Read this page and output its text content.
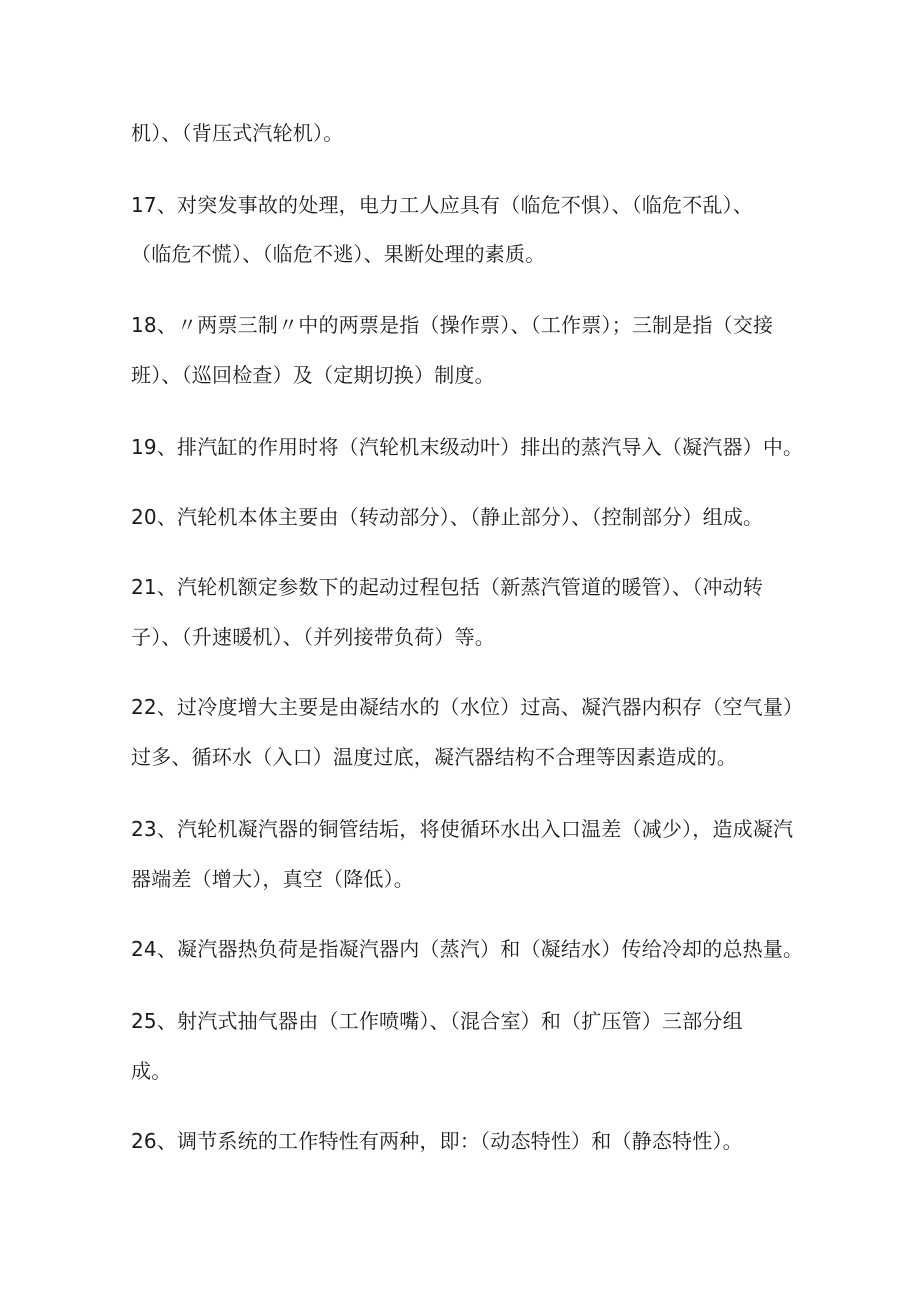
机）、（背压式汽轮机）。
17、对突发事故的处理，电力工人应具有（临危不惧）、（临危不乱）、
（临危不慌）、（临危不逃）、果断处理的素质。
18、〃两票三制〃中的两票是指（操作票）、（工作票）；三制是指（交接
班）、（巡回检查）及（定期切换）制度。
19、排汽缸的作用时将（汽轮机末级动叶）排出的蒸汽导入（凝汽器）中。
20、汽轮机本体主要由（转动部分）、（静止部分）、（控制部分）组成。
21、汽轮机额定参数下的起动过程包括（新蒸汽管道的暖管）、（冲动转
子）、（升速暖机）、（并列接带负荷）等。
22、过冷度增大主要是由凝结水的（水位）过高、凝汽器内积存（空气量）
过多、循环水（入口）温度过底，凝汽器结构不合理等因素造成的。
23、汽轮机凝汽器的铜管结垢，将使循环水出入口温差（减少），造成凝汽
器端差（增大），真空（降低）。
24、凝汽器热负荷是指凝汽器内（蒸汽）和（凝结水）传给冷却的总热量。
25、射汽式抽气器由（工作喷嘴）、（混合室）和（扩压管）三部分组
成。
26、调节系统的工作特性有两种，即：（动态特性）和（静态特性）。
